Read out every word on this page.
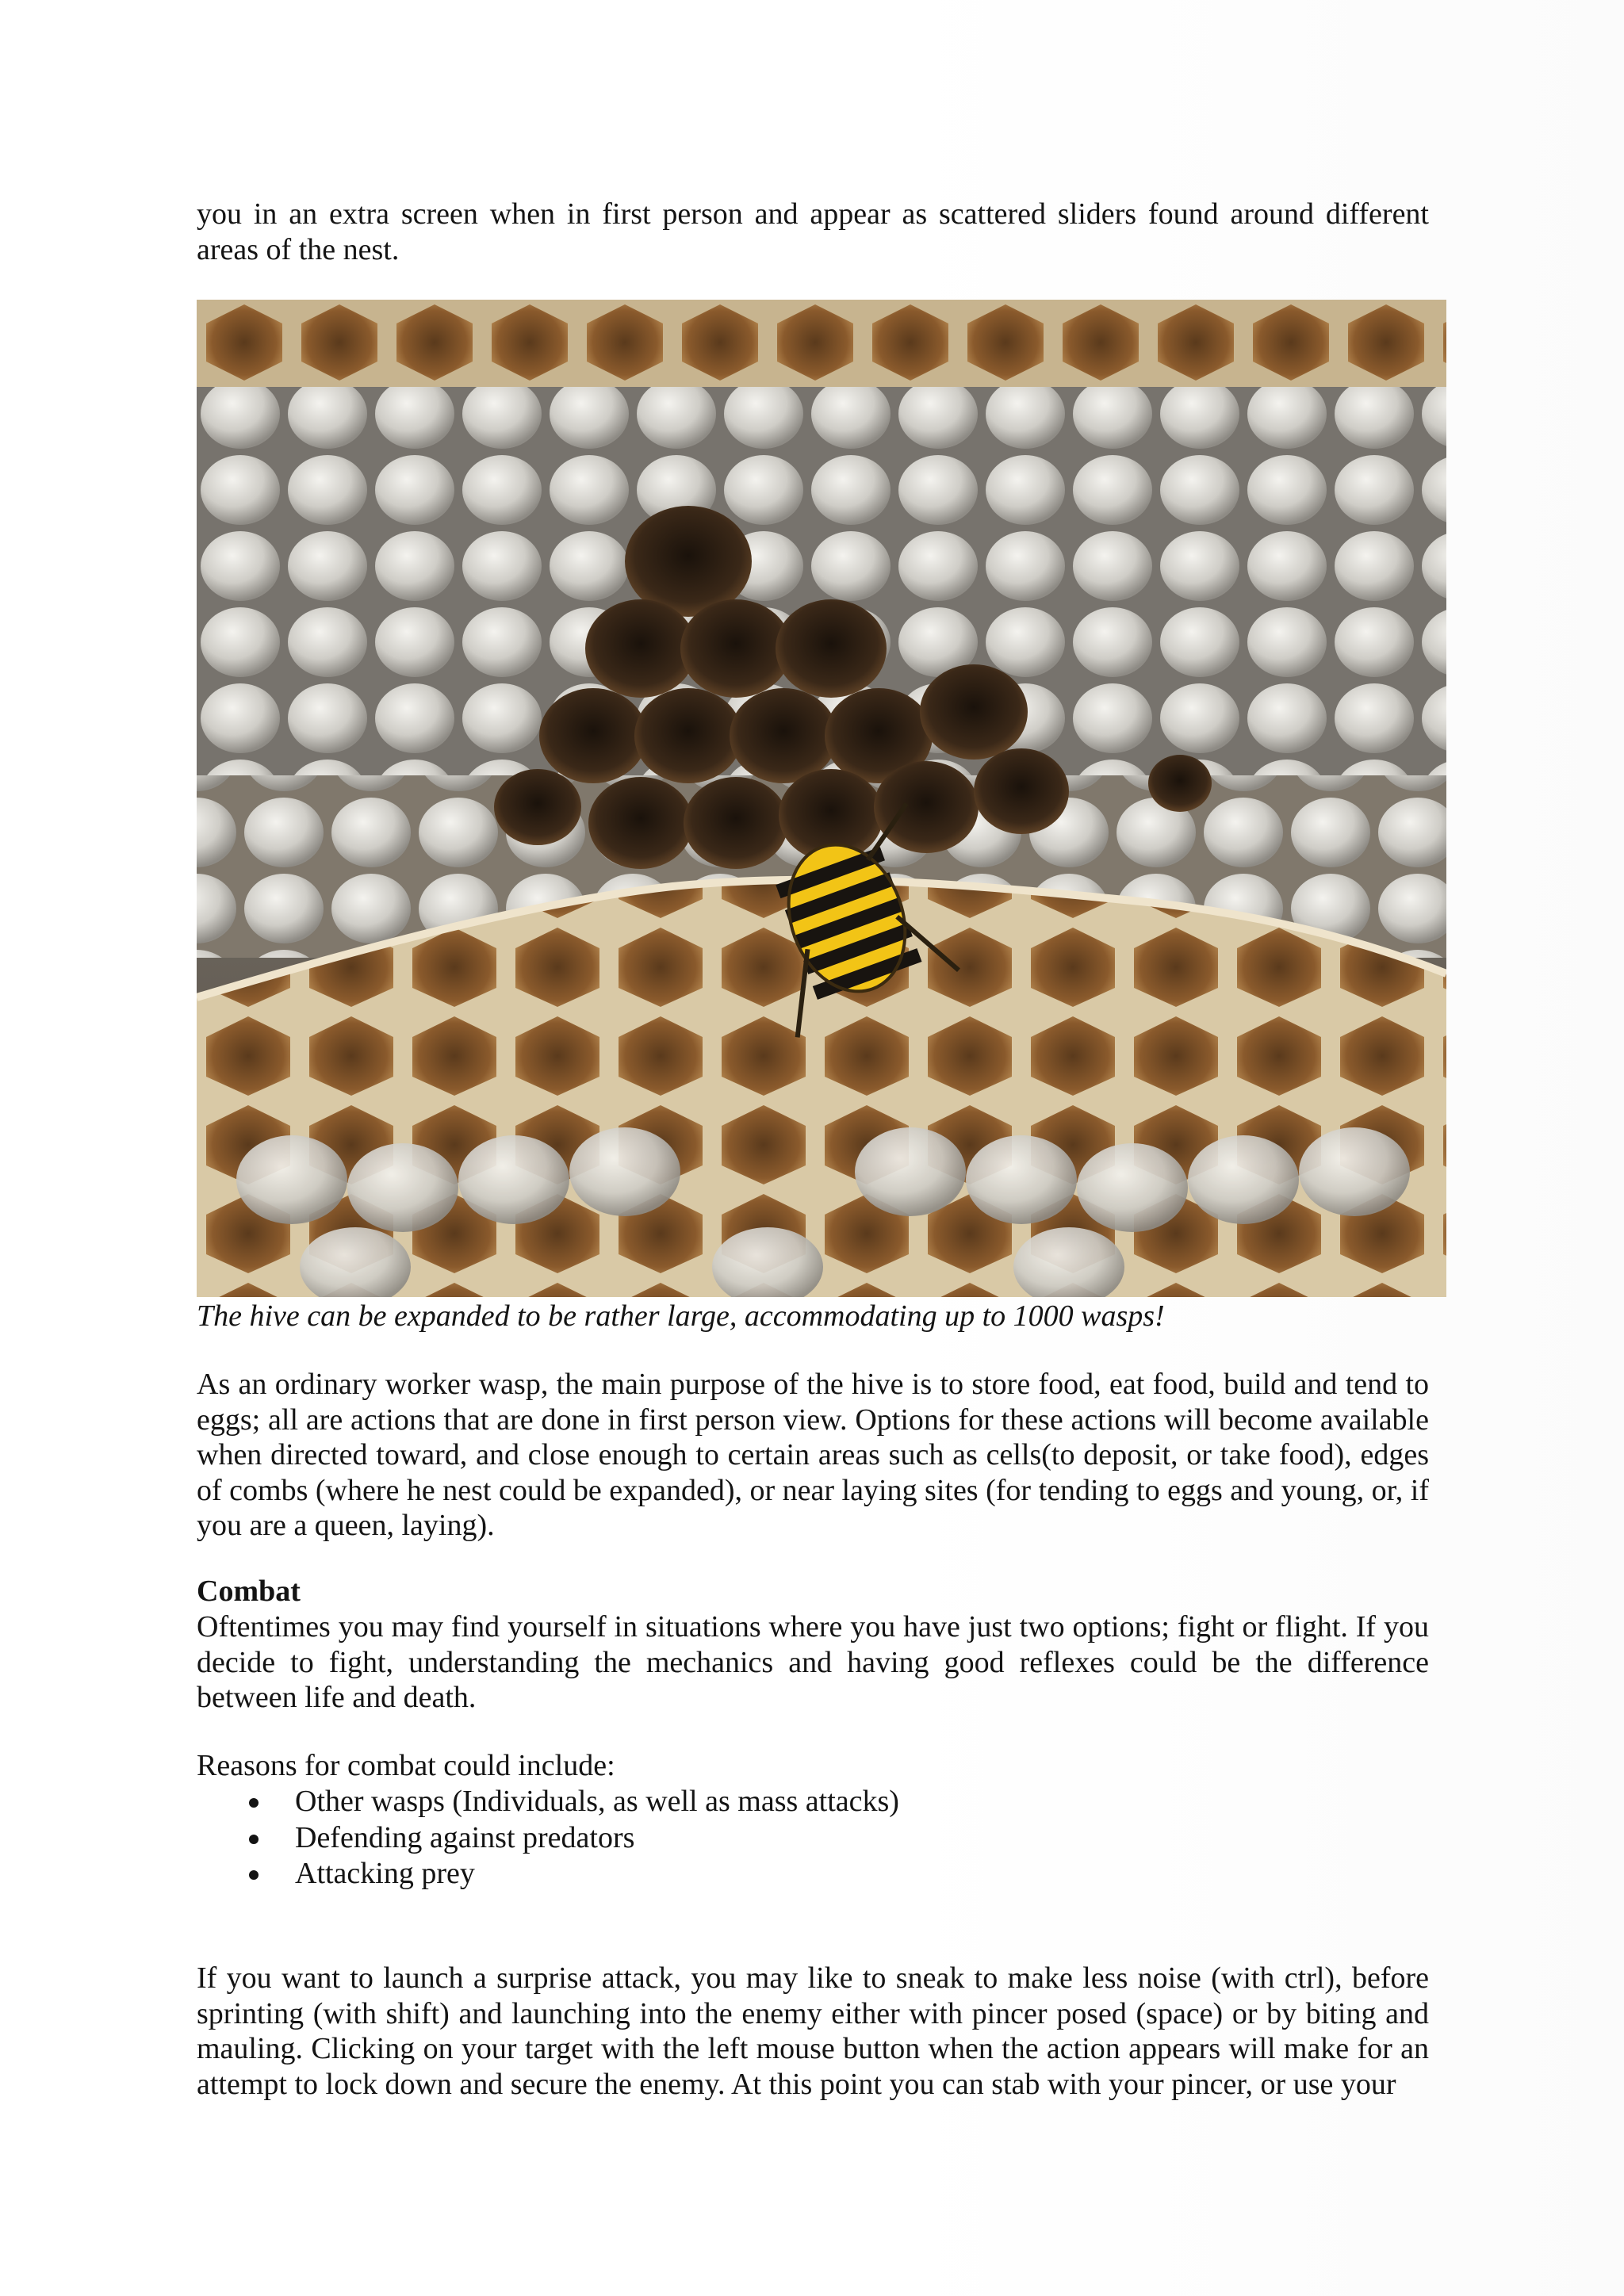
you in an extra screen when in first person and appear as scattered sliders found around different areas of the nest.

The hive can be expanded to be rather large, accommodating up to 1000 wasps!

As an ordinary worker wasp, the main purpose of the hive is to store food, eat food, build and tend to eggs; all are actions that are done in first person view. Options for these actions will become available when directed toward, and close enough to certain areas such as cells(to deposit, or take food), edges of combs (where he nest could be expanded), or near laying sites (for tending to eggs and young, or, if you are a queen, laying).

Combat

Oftentimes you may find yourself in situations where you have just two options; fight or flight. If you decide to fight, understanding the mechanics and having good reflexes could be the difference between life and death.

Reasons for combat could include:

Other wasps (Individuals, as well as mass attacks)
Defending against predators
Attacking prey

If you want to launch a surprise attack, you may like to sneak to make less noise (with ctrl), before sprinting (with shift) and launching into the enemy either with pincer posed (space) or by biting and mauling. Clicking on your target with the left mouse button when the action appears will make for an attempt to lock down and secure the enemy. At this point you can stab with your pincer, or use your
